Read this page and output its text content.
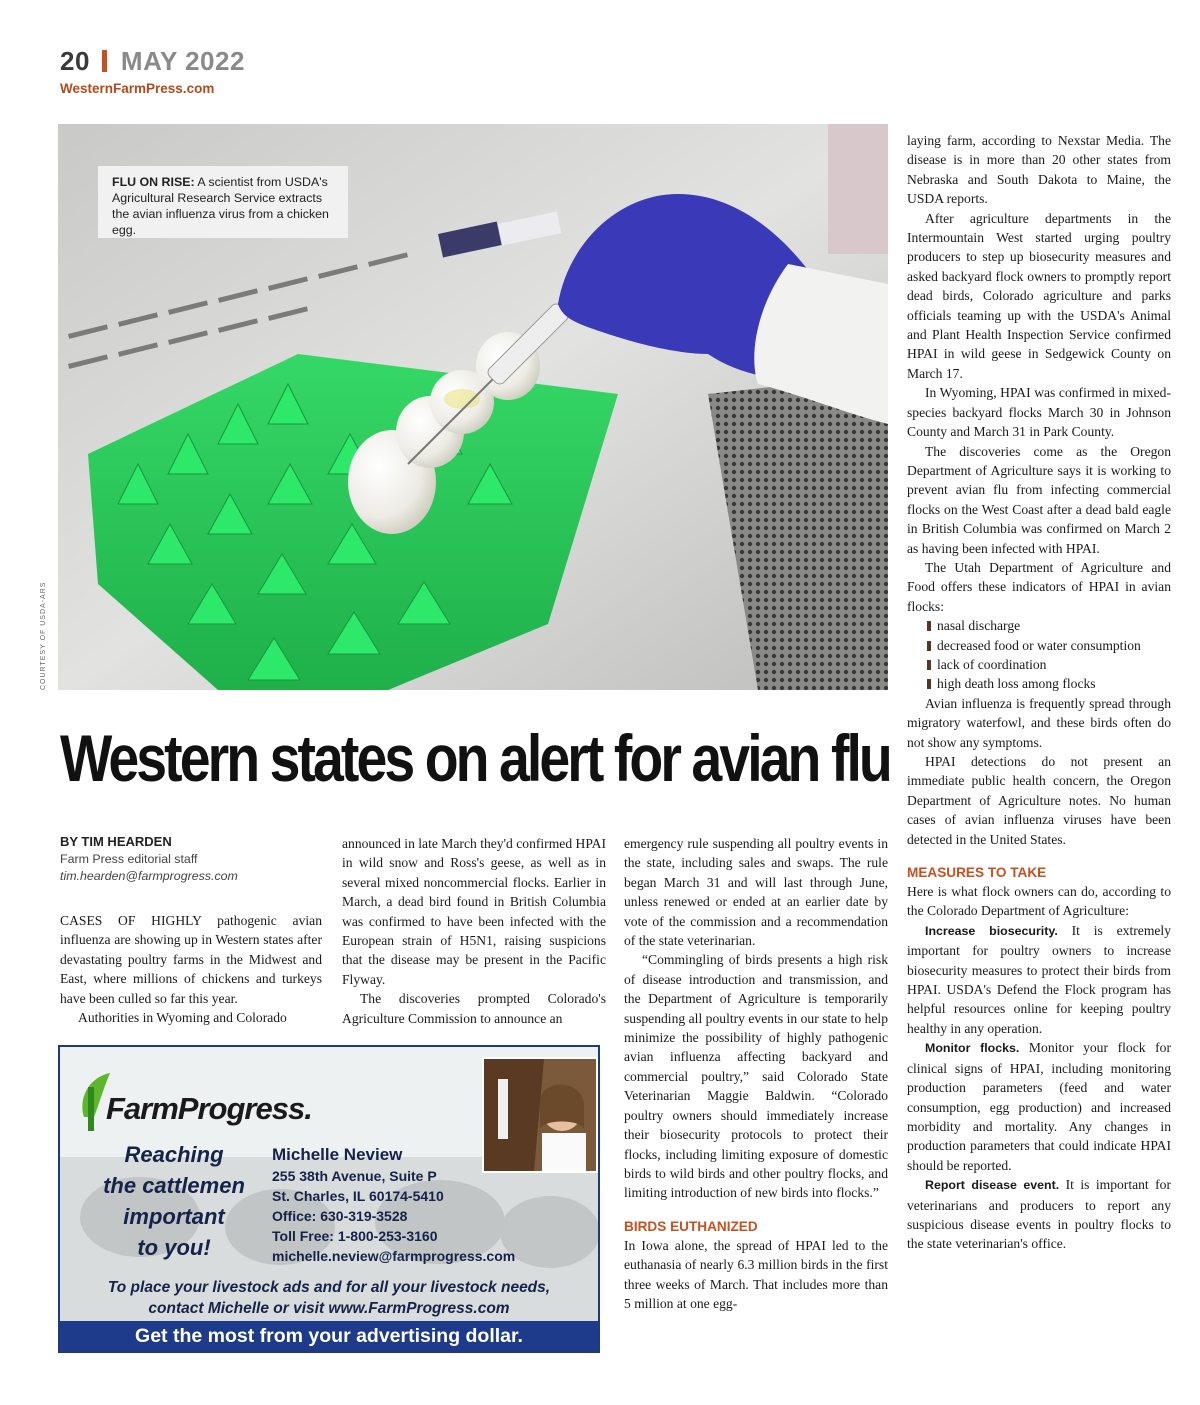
20 MAY 2022
WesternFarmPress.com
COURTESY OF USDA-ARS
FLU ON RISE: A scientist from USDA's Agricultural Research Service extracts the avian influenza virus from a chicken egg.
Western states on alert for avian flu
BY TIM HEARDEN
Farm Press editorial staff
tim.hearden@farmprogress.com

CASES OF HIGHLY pathogenic avian influenza are showing up in Western states after devastating poultry farms in the Midwest and East, where millions of chickens and turkeys have been culled so far this year.

Authorities in Wyoming and Colorado

announced in late March they'd confirmed HPAI in wild snow and Ross's geese, as well as in several mixed noncommercial flocks. Earlier in March, a dead bird found in British Columbia was confirmed to have been infected with the European strain of H5N1, raising suspicions that the disease may be present in the Pacific Flyway.

The discoveries prompted Colorado's Agriculture Commission to announce an

emergency rule suspending all poultry events in the state, including sales and swaps. The rule began March 31 and will last through June, unless renewed or ended at an earlier date by vote of the commission and a recommendation of the state veterinarian.

“Commingling of birds presents a high risk of disease introduction and transmission, and the Department of Agriculture is temporarily suspending all poultry events in our state to help minimize the possibility of highly pathogenic avian influenza affecting backyard and commercial poultry,” said Colorado State Veterinarian Maggie Baldwin. “Colorado poultry owners should immediately increase their biosecurity protocols to protect their flocks, including limiting exposure of domestic birds to wild birds and other poultry flocks, and limiting introduction of new birds into flocks.”

BIRDS EUTHANIZED

In Iowa alone, the spread of HPAI led to the euthanasia of nearly 6.3 million birds in the first three weeks of March. That includes more than 5 million at one egg-

laying farm, according to Nexstar Media. The disease is in more than 20 other states from Nebraska and South Dakota to Maine, the USDA reports.

After agriculture departments in the Intermountain West started urging poultry producers to step up biosecurity measures and asked backyard flock owners to promptly report dead birds, Colorado agriculture and parks officials teaming up with the USDA's Animal and Plant Health Inspection Service confirmed HPAI in wild geese in Sedgewick County on March 17.

In Wyoming, HPAI was confirmed in mixed-species backyard flocks March 30 in Johnson County and March 31 in Park County.

The discoveries come as the Oregon Department of Agriculture says it is working to prevent avian flu from infecting commercial flocks on the West Coast after a dead bald eagle in British Columbia was confirmed on March 2 as having been infected with HPAI.

The Utah Department of Agriculture and Food offers these indicators of HPAI in avian flocks:

nasal discharge
decreased food or water consumption
lack of coordination
high death loss among flocks

Avian influenza is frequently spread through migratory waterfowl, and these birds often do not show any symptoms.

HPAI detections do not present an immediate public health concern, the Oregon Department of Agriculture notes. No human cases of avian influenza viruses have been detected in the United States.

MEASURES TO TAKE

Here is what flock owners can do, according to the Colorado Department of Agriculture:

Increase biosecurity. It is extremely important for poultry owners to increase biosecurity measures to protect their birds from HPAI. USDA's Defend the Flock program has helpful resources online for keeping poultry healthy in any operation.

Monitor flocks. Monitor your flock for clinical signs of HPAI, including monitoring production parameters (feed and water consumption, egg production) and increased morbidity and mortality. Any changes in production parameters that could indicate HPAI should be reported.

Report disease event. It is important for veterinarians and producers to report any suspicious disease events in poultry flocks to the state veterinarian's office.

FarmProgress.
Reaching
the cattlemen
important
to you!
Michelle Neview
255 38th Avenue, Suite P
St. Charles, IL 60174-5410
Office: 630-319-3528
Toll Free: 1-800-253-3160
michelle.neview@farmprogress.com
To place your livestock ads and for all your livestock needs,
contact Michelle or visit www.FarmProgress.com
Get the most from your advertising dollar.
